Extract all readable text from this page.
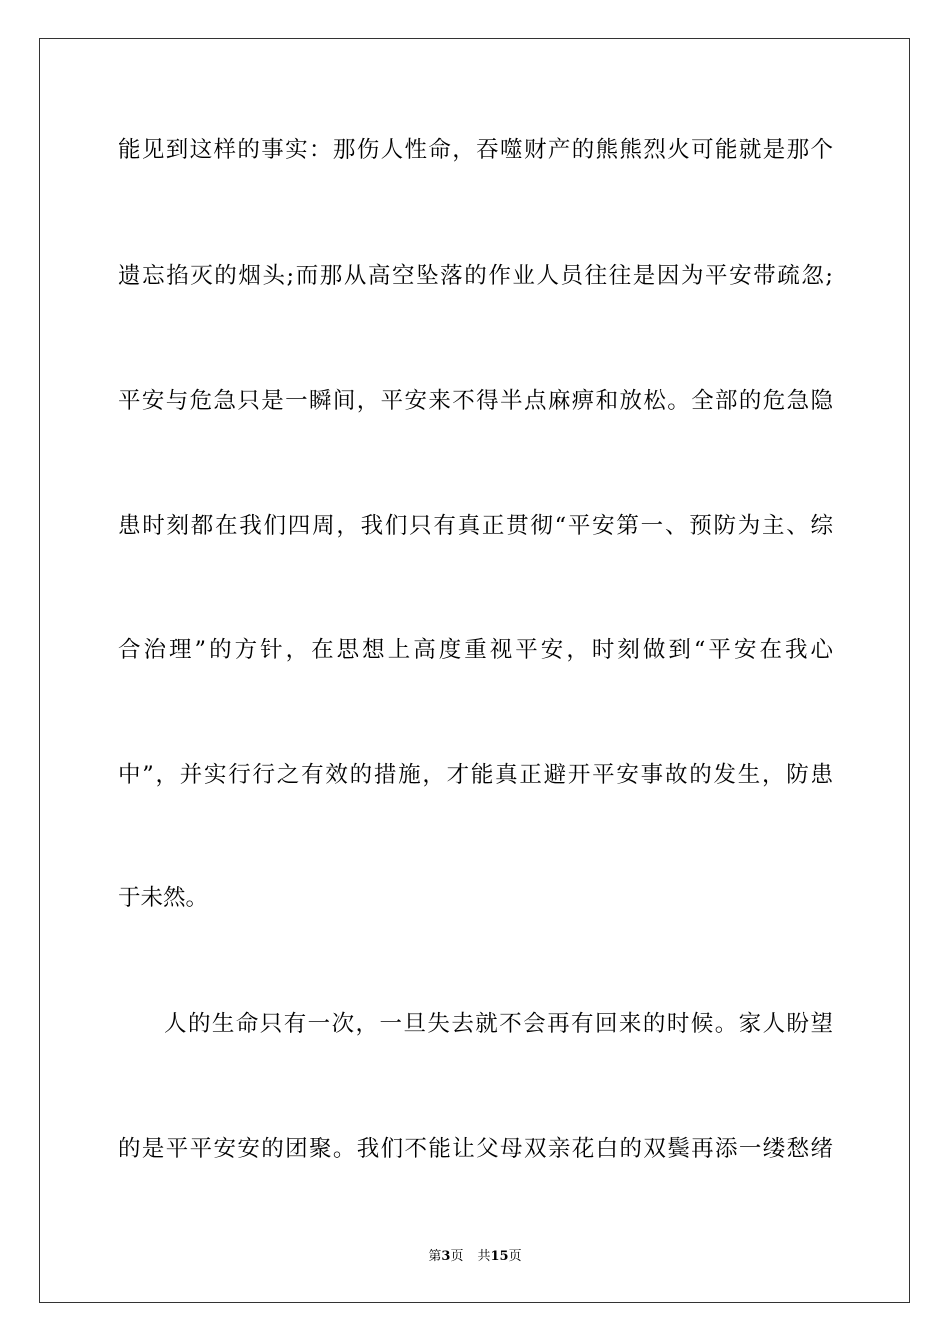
能见到这样的事实：那伤人性命，吞噬财产的熊熊烈火可能就是那个
遗忘掐灭的烟头;而那从高空坠落的作业人员往往是因为平安带疏忽;
平安与危急只是一瞬间，平安来不得半点麻痹和放松。全部的危急隐
患时刻都在我们四周，我们只有真正贯彻“平安第一、预防为主、综
合治理”的方针，在思想上高度重视平安，时刻做到“平安在我心
中”，并实行行之有效的措施，才能真正避开平安事故的发生，防患
于未然。
人的生命只有一次，一旦失去就不会再有回来的时候。家人盼望
的是平平安安的团聚。我们不能让父母双亲花白的双鬓再添一缕愁绪
第3页 共15页
